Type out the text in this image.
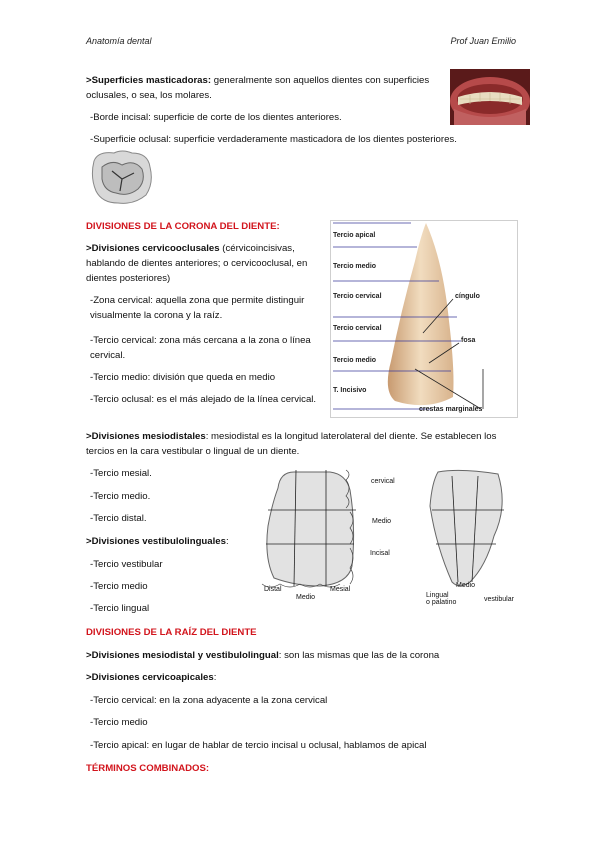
Anatomía dental	Prof Juan Emilio

>Superficies masticadoras: generalmente son aquellos dientes con superficies oclusales, o sea, los molares.

-Borde incisal: superficie de corte de los dientes anteriores.

-Superficie oclusal: superficie verdaderamente masticadora de los dientes posteriores.

DIVISIONES DE LA CORONA DEL DIENTE:

>Divisiones cervicooclusales (cérvicoincisivas, hablando de dientes anteriores; o cervicooclusal, en dientes posteriores)

-Zona cervical: aquella zona que permite distinguir visualmente la corona y la raíz.

-Tercio cervical: zona más cercana a la zona o línea cervical.

-Tercio medio: división que queda en medio

-Tercio oclusal: es el más alejado de la línea cervical.

>Divisiones mesiodistales: mesiodistal es la longitud laterolateral del diente. Se establecen los tercios en la cara vestibular o lingual de un diente.

-Tercio mesial.

-Tercio medio.

-Tercio distal.

>Divisiones vestibulolinguales:

-Tercio vestibular

-Tercio medio

-Tercio lingual

Tercio apical
Tercio medio
Tercio cervical
Tercio cervical
Tercio medio
T. Incisivo
cíngulo
fosa
crestas marginales
cervical
Medio
Incisal
Distal
Medio
Mesial
Medio
Lingual
o palatino	vestibular

DIVISIONES DE LA RAÍZ DEL DIENTE

>Divisiones mesiodistal y vestibulolingual: son las mismas que las de la corona

>Divisiones cervicoapicales:

-Tercio cervical: en la zona adyacente a la zona cervical

-Tercio medio

-Tercio apical: en lugar de hablar de tercio incisal u oclusal, hablamos de apical

TÉRMINOS COMBINADOS:
